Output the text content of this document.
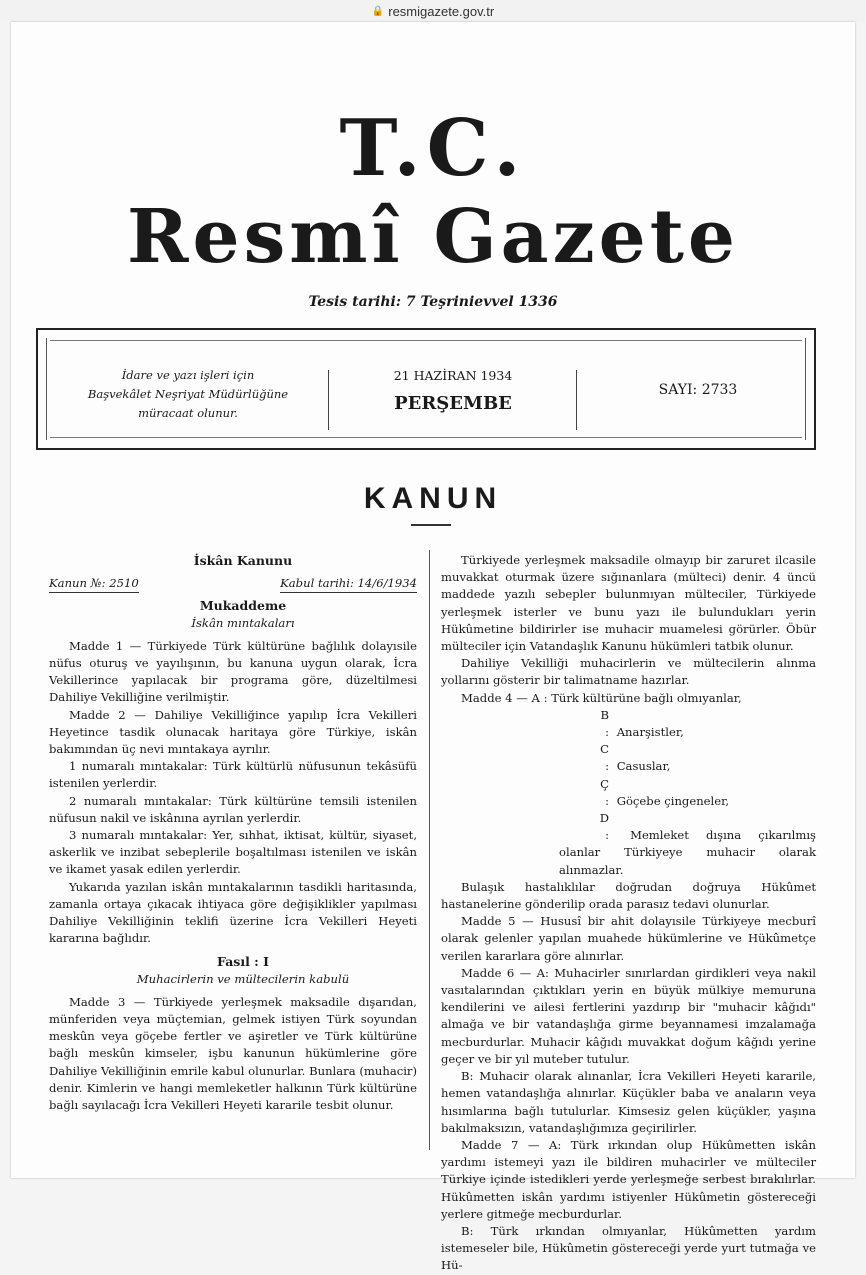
🔒 resmigazete.gov.tr
T.C.
Resmî Gazete
Tesis tarihi: 7 Teşrinievvel 1336
İdare ve yazı işleri için
Başvekâlet Neşriyat Müdürlüğüne
müracaat olunur.
21 HAZİRAN 1934
PERŞEMBE
SAYI: 2733
KANUN

İskân Kanunu

Kanun №: 2510	Kabul tarihi: 14/6/1934

Mukaddeme

İskân mıntakaları

Madde 1 — Türkiyede Türk kültürüne bağlılık dolayısile nüfus oturuş ve yayılışının, bu kanuna uygun olarak, İcra Vekillerince yapılacak bir programa göre, düzeltilmesi Dahiliye Vekilliğine verilmiştir.

Madde 2 — Dahiliye Vekilliğince yapılıp İcra Vekilleri Heyetince tasdik olunacak haritaya göre Türkiye, iskân bakımından üç nevi mıntakaya ayrılır.

1 numaralı mıntakalar: Türk kültürlü nüfusunun tekâsüfü istenilen yerlerdir.

2 numaralı mıntakalar: Türk kültürüne temsili istenilen nüfusun nakil ve iskânına ayrılan yerlerdir.

3 numaralı mıntakalar: Yer, sıhhat, iktisat, kültür, siyaset, askerlik ve inzibat sebeplerile boşaltılması istenilen ve iskân ve ikamet yasak edilen yerlerdir.

Yukarıda yazılan iskân mıntakalarının tasdikli haritasında, zamanla ortaya çıkacak ihtiyaca göre değişiklikler yapılması Dahiliye Vekilliğinin teklifi üzerine İcra Vekilleri Heyeti kararına bağlıdır.

Fasıl : I

Muhacirlerin ve mültecilerin kabulü

Madde 3 — Türkiyede yerleşmek maksadile dışarıdan, münferiden veya müçtemian, gelmek istiyen Türk soyundan meskûn veya göçebe fertler ve aşiretler ve Türk kültürüne bağlı meskûn kimseler, işbu kanunun hükümlerine göre Dahiliye Vekilliğinin emrile kabul olunurlar. Bunlara (muhacir) denir. Kimlerin ve hangi memleketler halkının Türk kültürüne bağlı sayılacağı İcra Vekilleri Heyeti kararile tesbit olunur.

Türkiyede yerleşmek maksadile olmayıp bir zaruret ilcasile muvakkat oturmak üzere sığınanlara (mülteci) denir. 4 üncü maddede yazılı sebepler bulunmıyan mülteciler, Türkiyede yerleşmek isterler ve bunu yazı ile bulundukları yerin Hükûmetine bildirirler ise muhacir muamelesi görürler. Öbür mülteciler için Vatandaşlık Kanunu hükümleri tatbik olunur.

Dahiliye Vekilliği muhacirlerin ve mültecilerin alınma yollarını gösterir bir talimatname hazırlar.

Madde 4 — A : Türk kültürüne bağlı olmıyanlar,

B : Anarşistler,

C : Casuslar,

Ç : Göçebe çingeneler,

D : Memleket dışına çıkarılmış olanlar Türkiyeye muhacir olarak alınmazlar.

Bulaşık hastalıklılar doğrudan doğruya Hükûmet hastanelerine gönderilip orada parasız tedavi olunurlar.

Madde 5 — Hususî bir ahit dolayısile Türkiyeye mecburî olarak gelenler yapılan muahede hükümlerine ve Hükûmetçe verilen kararlara göre alınırlar.

Madde 6 — A: Muhacirler sınırlardan girdikleri veya nakil vasıtalarından çıktıkları yerin en büyük mülkiye memuruna kendilerini ve ailesi fertlerini yazdırıp bir "muhacir kâğıdı" almağa ve bir vatandaşlığa girme beyannamesi imzalamağa mecburdurlar. Muhacir kâğıdı muvakkat doğum kâğıdı yerine geçer ve bir yıl muteber tutulur.

B: Muhacir olarak alınanlar, İcra Vekilleri Heyeti kararile, hemen vatandaşlığa alınırlar. Küçükler baba ve anaların veya hısımlarına bağlı tutulurlar. Kimsesiz gelen küçükler, yaşına bakılmaksızın, vatandaşlığımıza geçirilirler.

Madde 7 — A: Türk ırkından olup Hükûmetten iskân yardımı istemeyi yazı ile bildiren muhacirler ve mülteciler Türkiye içinde istedikleri yerde yerleşmeğe serbest bırakılırlar. Hükûmetten iskân yardımı istiyenler Hükûmetin göstereceği yerlere gitmeğe mecburdurlar.

B: Türk ırkından olmıyanlar, Hükûmetten yardım istemeseler bile, Hükûmetin göstereceği yerde yurt tutmağa ve Hü-
